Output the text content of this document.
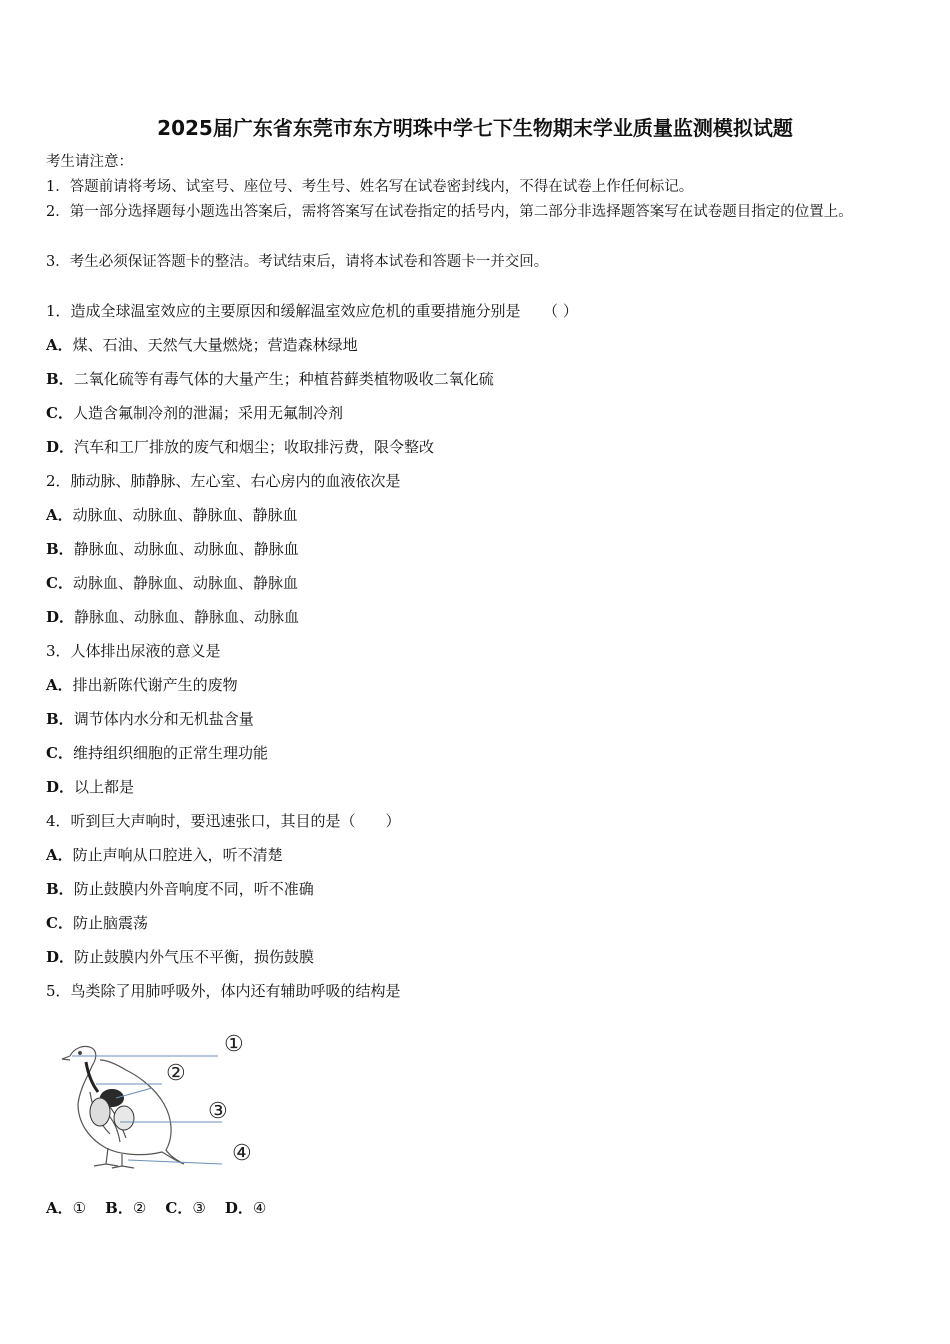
2025届广东省东莞市东方明珠中学七下生物期末学业质量监测模拟试题
考生请注意：
1．答题前请将考场、试室号、座位号、考生号、姓名写在试卷密封线内，不得在试卷上作任何标记。
2．第一部分选择题每小题选出答案后，需将答案写在试卷指定的括号内，第二部分非选择题答案写在试卷题目指定的位置上。
3．考生必须保证答题卡的整洁。考试结束后，请将本试卷和答题卡一并交回。
1．造成全球温室效应的主要原因和缓解温室效应危机的重要措施分别是　　（ ）
A．煤、石油、天然气大量燃烧；营造森林绿地
B．二氧化硫等有毒气体的大量产生；种植苔藓类植物吸收二氧化硫
C．人造含氟制冷剂的泄漏；采用无氟制冷剂
D．汽车和工厂排放的废气和烟尘；收取排污费，限令整改
2．肺动脉、肺静脉、左心室、右心房内的血液依次是
A．动脉血、动脉血、静脉血、静脉血
B．静脉血、动脉血、动脉血、静脉血
C．动脉血、静脉血、动脉血、静脉血
D．静脉血、动脉血、静脉血、动脉血
3．人体排出尿液的意义是
A．排出新陈代谢产生的废物
B．调节体内水分和无机盐含量
C．维持组织细胞的正常生理功能
D．以上都是
4．听到巨大声响时，要迅速张口，其目的是（　　）
A．防止声响从口腔进入，听不清楚
B．防止鼓膜内外音响度不同，听不准确
C．防止脑震荡
D．防止鼓膜内外气压不平衡，损伤鼓膜
5．鸟类除了用肺呼吸外，体内还有辅助呼吸的结构是
①
②
③
④
A．① B．② C．③ D．④
